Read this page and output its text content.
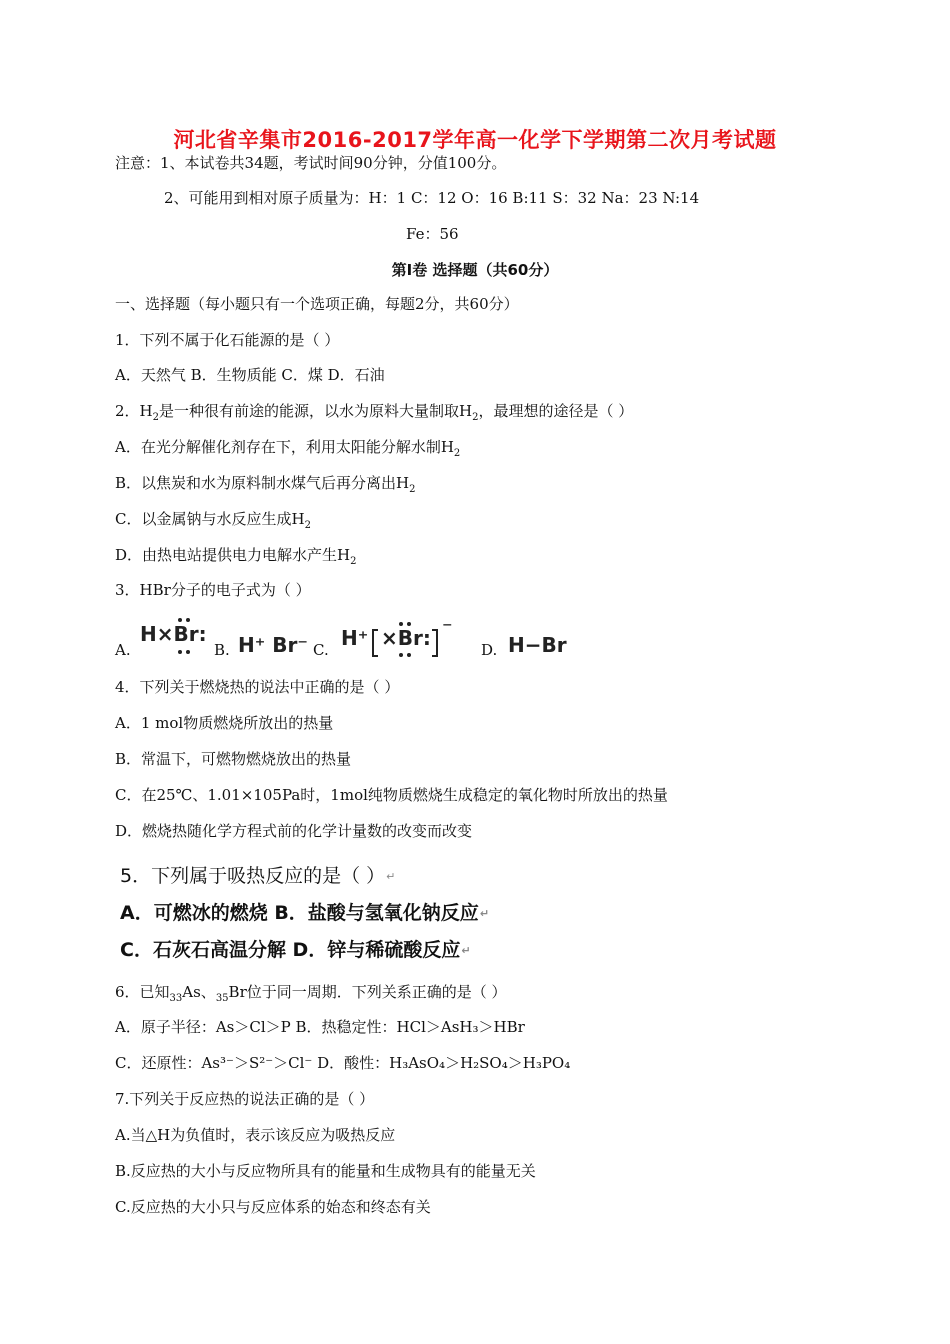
河北省辛集市2016-2017学年高一化学下学期第二次月考试题
注意：1、本试卷共34题，考试时间90分钟，分值100分。
2、可能用到相对原子质量为：H：1 C：12 O：16 B:11 S：32 Na：23 N:14
Fe：56
第Ⅰ卷 选择题（共60分）
一、选择题（每小题只有一个选项正确，每题2分，共60分）
1．下列不属于化石能源的是（ ）
A．天然气 B．生物质能 C．煤 D．石油
2．$H_2$是一种很有前途的能源，以水为原料大量制取$H_2$，最理想的途径是（ ）
A．在光分解催化剂存在下，利用太阳能分解水制$H_2$
B．以焦炭和水为原料制水煤气后再分离出$H_2$
C．以金属钠与水反应生成$H_2$
D．由热电站提供电力电解水产生$H_2$
3．HBr分子的电子式为（ ）
A.
H×Br:
B. H⁺ Br⁻ C. H⁺ ×Br: ⁻
D. H−Br
4．下列关于燃烧热的说法中正确的是（ ）
A．1 mol物质燃烧所放出的热量
B．常温下，可燃物燃烧放出的热量
C．在25℃、1.01×105Pa时，1mol纯物质燃烧生成稳定的氧化物时所放出的热量
D．燃烧热随化学方程式前的化学计量数的改变而改变
5．下列属于吸热反应的是（ ）↵
A．可燃冰的燃烧 B．盐酸与氢氧化钠反应↵
C．石灰石高温分解 D．锌与稀硫酸反应↵
6．已知$_{33}$As、$_{35}$Br位于同一周期．下列关系正确的是（ ）
A．原子半径：As＞Cl＞P B．热稳定性：HCl＞AsH₃＞HBr
C．还原性：As³⁻＞S²⁻＞Cl⁻ D．酸性：H₃AsO₄＞H₂SO₄＞H₃PO₄
7.下列关于反应热的说法正确的是（ ）
A.当△H为负值时，表示该反应为吸热反应
B.反应热的大小与反应物所具有的能量和生成物具有的能量无关
C.反应热的大小只与反应体系的始态和终态有关
